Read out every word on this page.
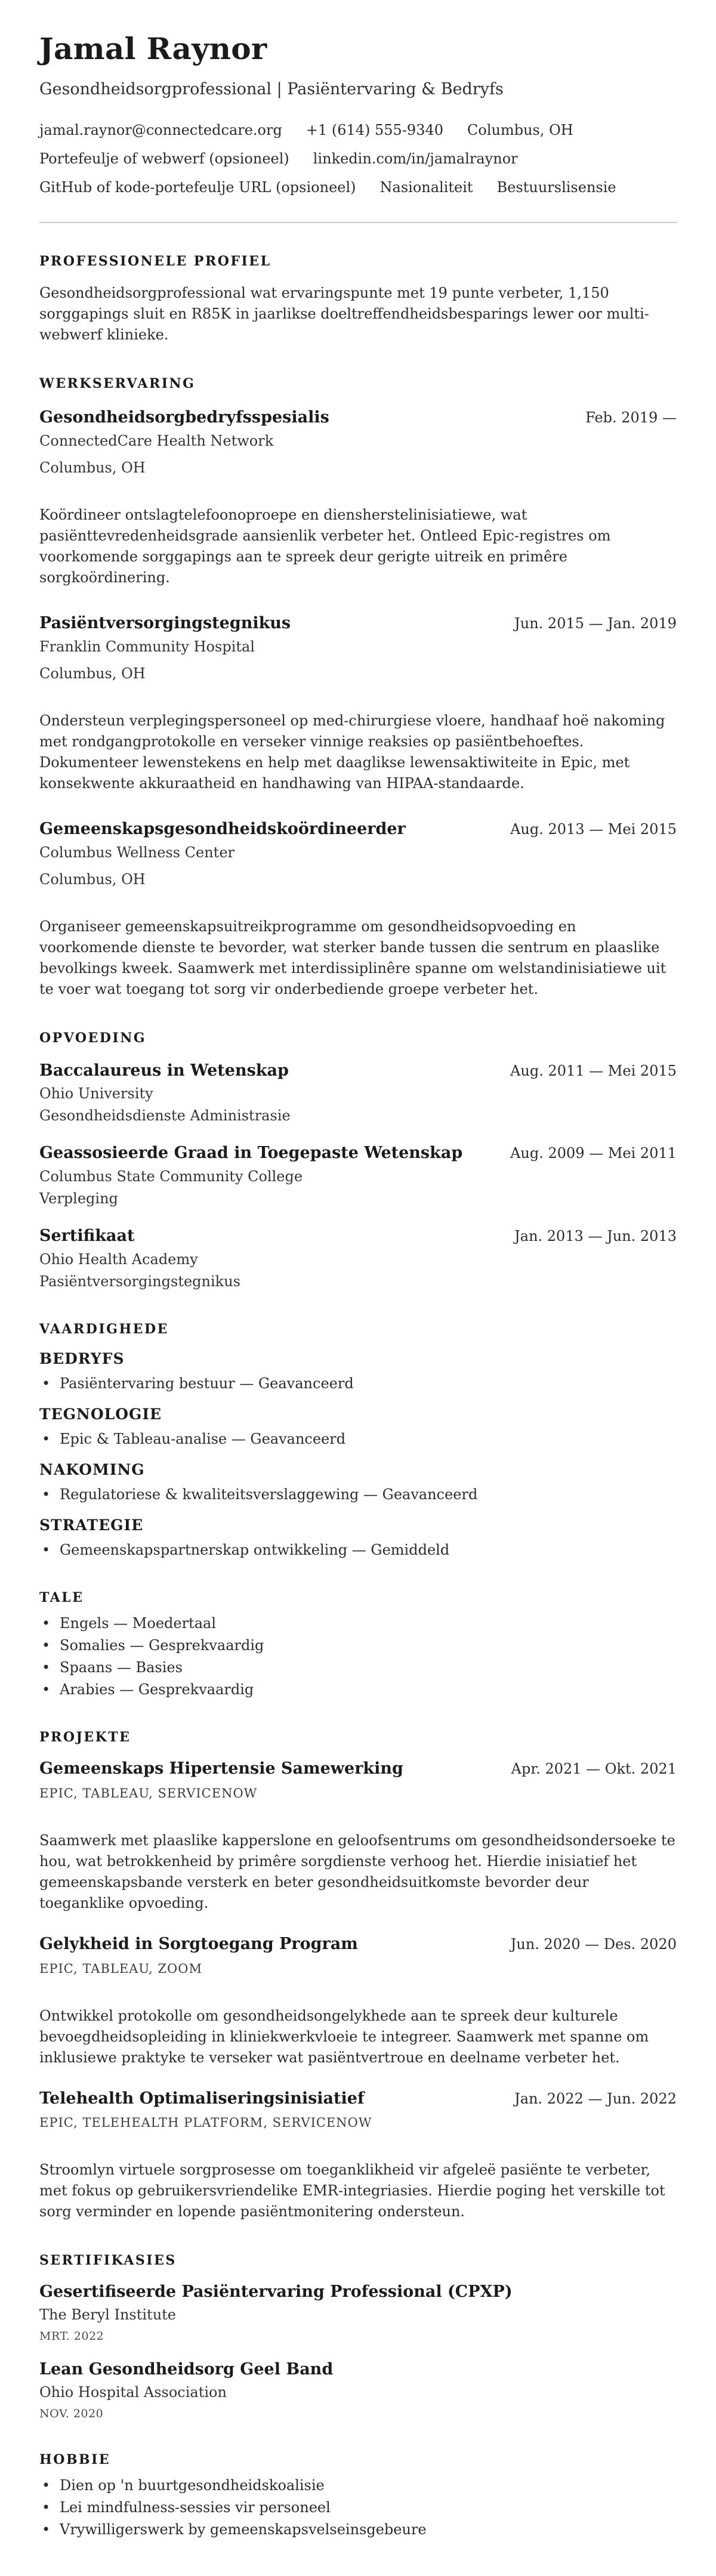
Jamal Raynor
Gesondheidsorgprofessional | Pasiëntervaring & Bedryfs
jamal.raynor@connectedcare.org +1 (614) 555-9340 Columbus, OH
Portefeulje of webwerf (opsioneel) linkedin.com/in/jamalraynor
GitHub of kode-portefeulje URL (opsioneel) Nasionaliteit Bestuurslisensie
PROFESSIONELE PROFIEL

Gesondheidsorgprofessional wat ervaringspunte met 19 punte verbeter, 1,150 sorggapings sluit en R85K in jaarlikse doeltreffendheidsbesparings lewer oor multi-webwerf klinieke.

WERKSERVARING
Gesondheidsorgbedryfsspesialis	Feb. 2019 —
ConnectedCare Health Network
Columbus, OH

Koördineer ontslagtelefoonoproepe en diensherstelinisiatiewe, wat pasiënttevredenheidsgrade aansienlik verbeter het. Ontleed Epic-registres om voorkomende sorggapings aan te spreek deur gerigte uitreik en primêre sorgkoördinering.

Pasiëntversorgingstegnikus	Jun. 2015 — Jan. 2019
Franklin Community Hospital
Columbus, OH

Ondersteun verplegingspersoneel op med-chirurgiese vloere, handhaaf hoë nakoming met rondgangprotokolle en verseker vinnige reaksies op pasiëntbehoeftes. Dokumenteer lewenstekens en help met daaglikse lewensaktiwiteite in Epic, met konsekwente akkuraatheid en handhawing van HIPAA-standaarde.

Gemeenskapsgesondheidskoördineerder	Aug. 2013 — Mei 2015
Columbus Wellness Center
Columbus, OH

Organiseer gemeenskapsuitreikprogramme om gesondheidsopvoeding en voorkomende dienste te bevorder, wat sterker bande tussen die sentrum en plaaslike bevolkings kweek. Saamwerk met interdissiplinêre spanne om welstandinisiatiewe uit te voer wat toegang tot sorg vir onderbediende groepe verbeter het.

OPVOEDING
Baccalaureus in Wetenskap	Aug. 2011 — Mei 2015
Ohio University
Gesondheidsdienste Administrasie
Geassosieerde Graad in Toegepaste Wetenskap	Aug. 2009 — Mei 2011
Columbus State Community College
Verpleging
Sertifikaat	Jan. 2013 — Jun. 2013
Ohio Health Academy
Pasiëntversorgingstegnikus
VAARDIGHEDE
BEDRYFS
• Pasiëntervaring bestuur — Geavanceerd
TEGNOLOGIE
• Epic & Tableau-analise — Geavanceerd
NAKOMING
• Regulatoriese & kwaliteitsverslaggewing — Geavanceerd
STRATEGIE
• Gemeenskapspartnerskap ontwikkeling — Gemiddeld
TALE
• Engels — Moedertaal
• Somalies — Gesprekvaardig
• Spaans — Basies
• Arabies — Gesprekvaardig
PROJEKTE
Gemeenskaps Hipertensie Samewerking	Apr. 2021 — Okt. 2021
EPIC, TABLEAU, SERVICENOW

Saamwerk met plaaslike kapperslone en geloofsentrums om gesondheidsondersoeke te hou, wat betrokkenheid by primêre sorgdienste verhoog het. Hierdie inisiatief het gemeenskapsbande versterk en beter gesondheidsuitkomste bevorder deur toeganklike opvoeding.

Gelykheid in Sorgtoegang Program	Jun. 2020 — Des. 2020
EPIC, TABLEAU, ZOOM

Ontwikkel protokolle om gesondheidsongelykhede aan te spreek deur kulturele bevoegdheidsopleiding in kliniekwerkvloeie te integreer. Saamwerk met spanne om inklusiewe praktyke te verseker wat pasiëntvertroue en deelname verbeter het.

Telehealth Optimaliseringsinisiatief	Jan. 2022 — Jun. 2022
EPIC, TELEHEALTH PLATFORM, SERVICENOW

Stroomlyn virtuele sorgprosesse om toeganklikheid vir afgeleë pasiënte te verbeter, met fokus op gebruikersvriendelike EMR-integriasies. Hierdie poging het verskille tot sorg verminder en lopende pasiëntmonitering ondersteun.

SERTIFIKASIES
Gesertifiseerde Pasiëntervaring Professional (CPXP)
The Beryl Institute
MRT. 2022
Lean Gesondheidsorg Geel Band
Ohio Hospital Association
NOV. 2020
HOBBIE
• Dien op 'n buurtgesondheidskoalisie
• Lei mindfulness-sessies vir personeel
• Vrywilligerswerk by gemeenskapsvelseinsgebeure
